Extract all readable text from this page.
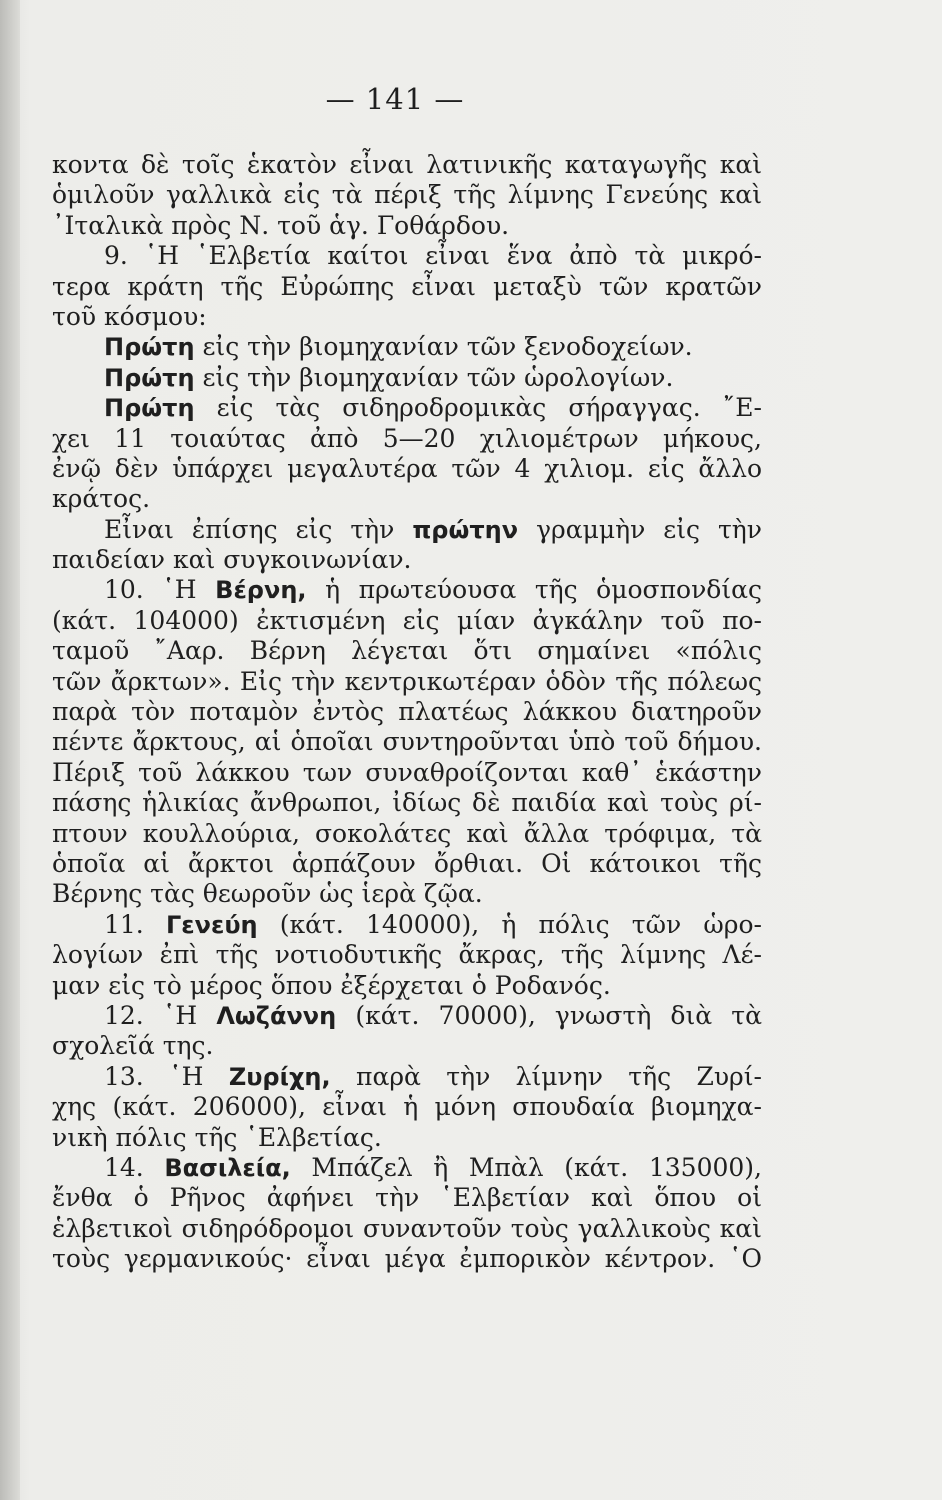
— 141 —
κοντα δὲ τοῖς ἑκατὸν εἶναι λατινικῆς καταγωγῆς καὶ
ὁμιλοῦν γαλλικὰ εἰς τὰ πέριξ τῆς λίμνης Γενεύης καὶ
᾿Ιταλικὰ πρὸς Ν. τοῦ ἁγ. Γοθάρδου.
9. ῾Η ῾Ελβετία καίτοι εἶναι ἕνα ἀπὸ τὰ μικρό-
τερα κράτη τῆς Εὐρώπης εἶναι μεταξὺ τῶν κρατῶν
τοῦ κόσμου:
Πρώτη εἰς τὴν βιομηχανίαν τῶν ξενοδοχείων.
Πρώτη εἰς τὴν βιομηχανίαν τῶν ὡρολογίων.
Πρώτη εἰς τὰς σιδηροδρομικὰς σήραγγας. ῎Ε-
χει 11 τοιαύτας ἀπὸ 5—20 χιλιομέτρων μήκους,
ἐνῷ δὲν ὑπάρχει μεγαλυτέρα τῶν 4 χιλιομ. εἰς ἄλλο
κράτος.
Εἶναι ἐπίσης εἰς τὴν πρώτην γραμμὴν εἰς τὴν
παιδείαν καὶ συγκοινωνίαν.
10. ῾Η Βέρνη, ἡ πρωτεύουσα τῆς ὁμοσπονδίας
(κάτ. 104000) ἐκτισμένη εἰς μίαν ἀγκάλην τοῦ πο-
ταμοῦ ῎Ααρ. Βέρνη λέγεται ὅτι σημαίνει «πόλις
τῶν ἄρκτων». Εἰς τὴν κεντρικωτέραν ὁδὸν τῆς πόλεως
παρὰ τὸν ποταμὸν ἐντὸς πλατέως λάκκου διατηροῦν
πέντε ἄρκτους, αἱ ὁποῖαι συντηροῦνται ὑπὸ τοῦ δήμου.
Πέριξ τοῦ λάκκου των συναθροίζονται καθ᾿ ἑκάστην
πάσης ἡλικίας ἄνθρωποι, ἰδίως δὲ παιδία καὶ τοὺς ρί-
πτουν κουλλούρια, σοκολάτες καὶ ἄλλα τρόφιμα, τὰ
ὁποῖα αἱ ἄρκτοι ἁρπάζουν ὄρθιαι. Οἱ κάτοικοι τῆς
Βέρνης τὰς θεωροῦν ὡς ἱερὰ ζῷα.
11. Γενεύη (κάτ. 140000), ἡ πόλις τῶν ὡρο-
λογίων ἐπὶ τῆς νοτιοδυτικῆς ἄκρας, τῆς λίμνης Λέ-
μαν εἰς τὸ μέρος ὅπου ἐξέρχεται ὁ Ροδανός.
12. ῾Η Λωζάννη (κάτ. 70000), γνωστὴ διὰ τὰ
σχολεῖά της.
13. ῾Η Ζυρίχη, παρὰ τὴν λίμνην τῆς Ζυρί-
χης (κάτ. 206000), εἶναι ἡ μόνη σπουδαία βιομηχα-
νικὴ πόλις τῆς ῾Ελβετίας.
14. Βασιλεία, Μπάζελ ἢ Μπὰλ (κάτ. 135000),
ἔνθα ὁ Ρῆνος ἀφήνει τὴν ῾Ελβετίαν καὶ ὅπου οἱ
ἑλβετικοὶ σιδηρόδρομοι συναντοῦν τοὺς γαλλικοὺς καὶ
τοὺς γερμανικούς· εἶναι μέγα ἐμπορικὸν κέντρον. ῾Ο
